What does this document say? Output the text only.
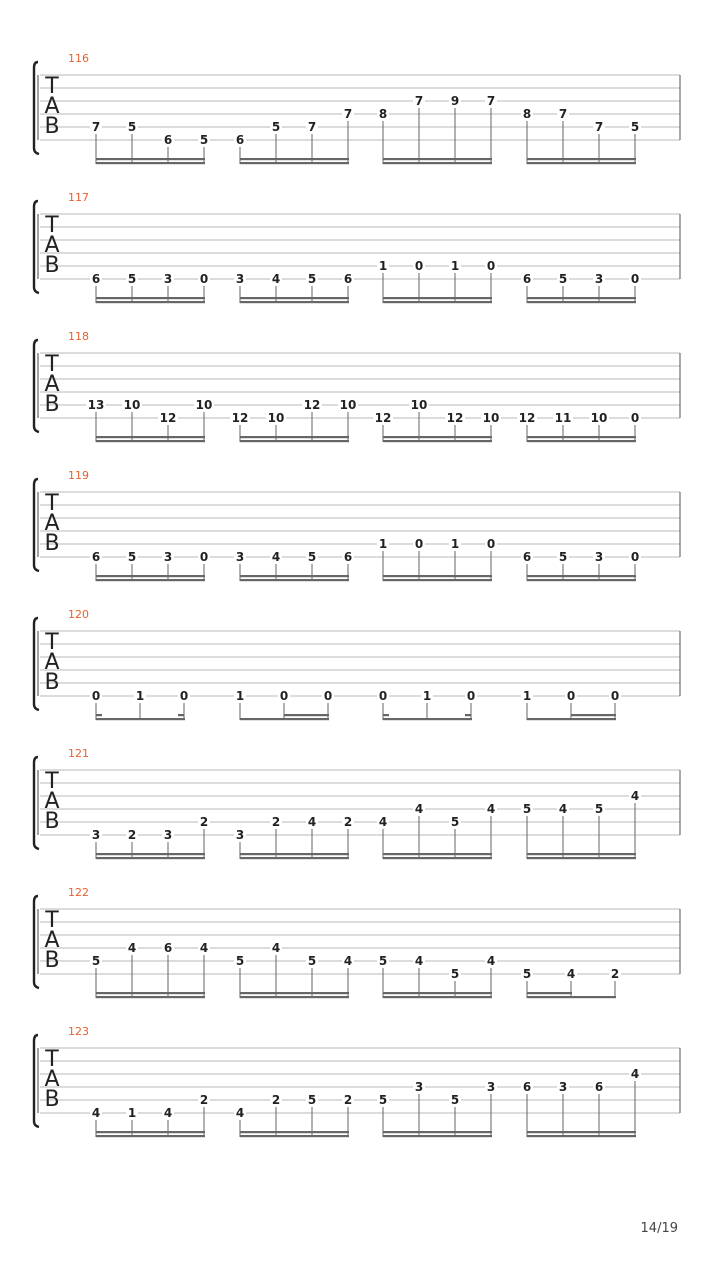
116
T
A
B	7 5
6 5 6
5 7
7 8
7 9 7
8 7
7 5
117
T
A
B
6 5 3 0 3 4 5 6
1 0 1 0
6 5 3 0
118
T
A
B 13 10
12
10
12 10
12 10
12
10
12 10 12 11 10 0
119
T
A
B
6 5 3 0 3 4 5 6
1 0 1 0
6 5 3 0
120
T
A
B
0	1	0	1	0	0	0	1	0	1	0	0
121
T
A
B
3 2 3
2
3
2 4 2 4
4
5
4 5 4 5
4
122
T
A
B	5
4 6 4
5
4
5 4 5 4
5
4
5	4	2
123
T
A
B
4 1 4
2
4
2 5 2 5
3
5
3 6 3 6
4
14/19
